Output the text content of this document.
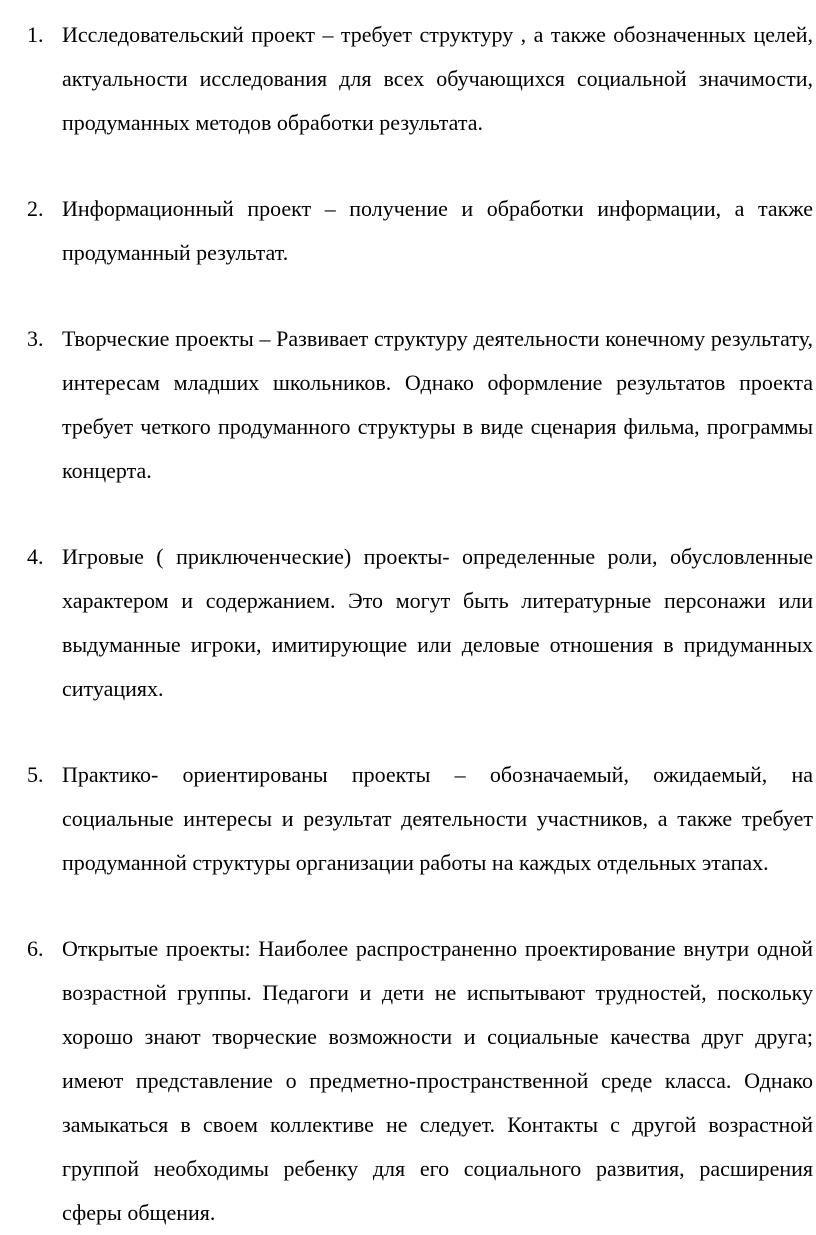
1. Исследовательский проект – требует структуру , а также обозначенных целей, актуальности исследования для всех обучающихся социальной значимости, продуманных методов обработки результата.
2. Информационный проект – получение и обработки информации, а также продуманный результат.
3. Творческие проекты – Развивает структуру деятельности конечному результату, интересам младших школьников. Однако оформление результатов проекта требует четкого продуманного структуры в виде сценария фильма, программы концерта.
4. Игровые ( приключенческие) проекты- определенные роли, обусловленные характером и содержанием. Это могут быть литературные персонажи или выдуманные игроки, имитирующие или деловые отношения в придуманных ситуациях.
5. Практико- ориентированы проекты – обозначаемый, ожидаемый, на социальные интересы и результат деятельности участников, а также требует продуманной структуры организации работы на каждых отдельных этапах.
6. Открытые проекты: Наиболее распространенно проектирование внутри одной возрастной группы. Педагоги и дети не испытывают трудностей, поскольку хорошо знают творческие возможности и социальные качества друг друга; имеют представление о предметно-пространственной среде класса. Однако замыкаться в своем коллективе не следует. Контакты с другой возрастной группой необходимы ребенку для его социального развития, расширения сферы общения.
